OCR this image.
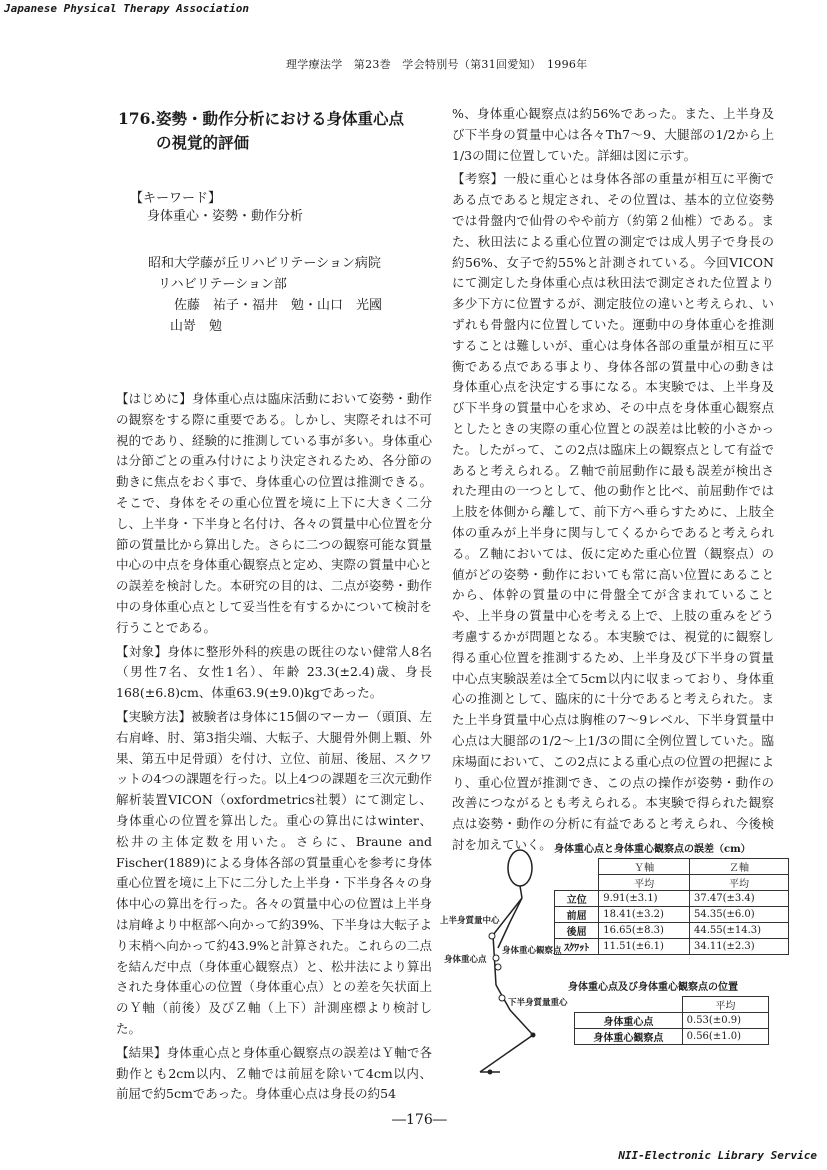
Japanese Physical Therapy Association
理学療法学　第23巻　学会特別号（第31回愛知）　1996年
176.姿勢・動作分析における身体重心点
の視覚的評価
【キーワード】
身体重心・姿勢・動作分析
昭和大学藤が丘リハビリテーション病院
リハビリテーション部
佐藤　祐子・福井　勉・山口　光國
山嵜　勉

【はじめに】身体重心点は臨床活動において姿勢・動作の観察をする際に重要である。しかし、実際それは不可視的であり、経験的に推測している事が多い。身体重心は分節ごとの重み付けにより決定されるため、各分節の動きに焦点をおく事で、身体重心の位置は推測できる。そこで、身体をその重心位置を境に上下に大きく二分し、上半身・下半身と名付け、各々の質量中心位置を分節の質量比から算出した。さらに二つの観察可能な質量中心の中点を身体重心観察点と定め、実際の質量中心との誤差を検討した。本研究の目的は、二点が姿勢・動作中の身体重心点として妥当性を有するかについて検討を行うことである。

【対象】身体に整形外科的疾患の既往のない健常人8名（男性7名、女性1名）、年齢 23.3(±2.4)歳、身長168(±6.8)cm、体重63.9(±9.0)kgであった。

【実験方法】被験者は身体に15個のマーカー（頭頂、左右肩峰、肘、第3指尖端、大転子、大腿骨外側上顆、外果、第五中足骨頭）を付け、立位、前屈、後屈、スクワットの4つの課題を行った。以上4つの課題を三次元動作解析装置VICON（oxfordmetrics社製）にて測定し、身体重心の位置を算出した。重心の算出にはwinter、松井の主体定数を用いた。さらに、Braune and Fischer(1889)による身体各部の質量重心を参考に身体重心位置を境に上下に二分した上半身・下半身各々の身体中心の算出を行った。各々の質量中心の位置は上半身は肩峰より中枢部へ向かって約39%、下半身は大転子より末梢へ向かって約43.9%と計算された。これらの二点を結んだ中点（身体重心観察点）と、松井法により算出された身体重心の位置（身体重心点）との差を矢状面上のＹ軸（前後）及びＺ軸（上下）計測座標より検討した。

【結果】身体重心点と身体重心観察点の誤差はＹ軸で各動作とも2cm以内、Ｚ軸では前屈を除いて4cm以内、前屈で約5cmであった。身体重心点は身長の約54

%、身体重心観察点は約56%であった。また、上半身及び下半身の質量中心は各々Th7～9、大腿部の1/2から上1/3の間に位置していた。詳細は図に示す。

【考察】一般に重心とは身体各部の重量が相互に平衡である点であると規定され、その位置は、基本的立位姿勢では骨盤内で仙骨のやや前方（約第２仙椎）である。また、秋田法による重心位置の測定では成人男子で身長の約56%、女子で約55%と計測されている。今回VICONにて測定した身体重心点は秋田法で測定された位置より多少下方に位置するが、測定肢位の違いと考えられ、いずれも骨盤内に位置していた。運動中の身体重心を推測することは難しいが、重心は身体各部の重量が相互に平衡である点である事より、身体各部の質量中心の動きは身体重心点を決定する事になる。本実験では、上半身及び下半身の質量中心を求め、その中点を身体重心観察点としたときの実際の重心位置との誤差は比較的小さかった。したがって、この2点は臨床上の観察点として有益であると考えられる。Ｚ軸で前屈動作に最も誤差が検出された理由の一つとして、他の動作と比べ、前屈動作では上肢を体側から離して、前下方へ垂らすために、上肢全体の重みが上半身に関与してくるからであると考えられる。Ｚ軸においては、仮に定めた重心位置（観察点）の値がどの姿勢・動作においても常に高い位置にあることから、体幹の質量の中に骨盤全てが含まれていることや、上半身の質量中心を考える上で、上肢の重みをどう考慮するかが問題となる。本実験では、視覚的に観察し得る重心位置を推測するため、上半身及び下半身の質量中心点実験誤差は全て5cm以内に収まっており、身体重心の推測として、臨床的に十分であると考えられた。また上半身質量中心点は胸椎の7～9レベル、下半身質量中心点は大腿部の1/2～上1/3の間に全例位置していた。臨床場面において、この2点による重心点の位置の把握により、重心位置が推測でき、この点の操作が姿勢・動作の改善につながるとも考えられる。本実験で得られた観察点は姿勢・動作の分析に有益であると考えられ、今後検討を加えていく。

上半身質量中心
身体重心観察点
身体重心点
下半身質量重心
身体重心点と身体重心観察点の誤差（cm）
	Ｙ軸	Ｚ軸
	平均	平均
立位	9.91(±3.1)	37.47(±3.4)
前屈	18.41(±3.2)	54.35(±6.0)
後屈	16.65(±8.3)	44.55(±14.3)
ｽｸﾜｯﾄ	11.51(±6.1)	34.11(±2.3)
身体重心点及び身体重心観察点の位置
	平均
身体重心点	0.53(±0.9)
身体重心観察点	0.56(±1.0)
―176―
NII-Electronic Library Service
